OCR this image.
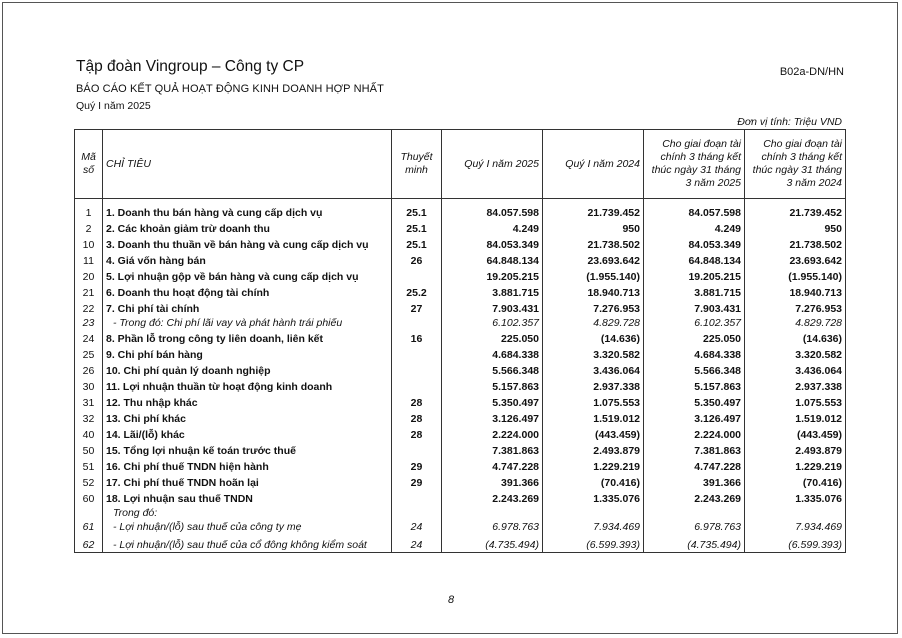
Tập đoàn Vingroup – Công ty CP	B02a-DN/HN
BÁO CÁO KẾT QUẢ HOẠT ĐỘNG KINH DOANH HỢP NHẤT
Quý I năm 2025
Đơn vị tính: Triệu VND
Mã số	CHỈ TIÊU	Thuyết minh	Quý I năm 2025	Quý I năm 2024	Cho giai đoạn tài chính 3 tháng kết thúc ngày 31 tháng 3 năm 2025	Cho giai đoạn tài chính 3 tháng kết thúc ngày 31 tháng 3 năm 2024
1	1. Doanh thu bán hàng và cung cấp dịch vụ	25.1	84.057.598	21.739.452	84.057.598	21.739.452
2	2. Các khoản giảm trừ doanh thu	25.1	4.249	950	4.249	950
10	3. Doanh thu thuần về bán hàng và cung cấp dịch vụ	25.1	84.053.349	21.738.502	84.053.349	21.738.502
11	4. Giá vốn hàng bán	26	64.848.134	23.693.642	64.848.134	23.693.642
20	5. Lợi nhuận gộp về bán hàng và cung cấp dịch vụ		19.205.215	(1.955.140)	19.205.215	(1.955.140)
21	6. Doanh thu hoạt động tài chính	25.2	3.881.715	18.940.713	3.881.715	18.940.713
22	7. Chi phí tài chính	27	7.903.431	7.276.953	7.903.431	7.276.953
23	- Trong đó: Chi phí lãi vay và phát hành trái phiếu		6.102.357	4.829.728	6.102.357	4.829.728
24	8. Phần lỗ trong công ty liên doanh, liên kết	16	225.050	(14.636)	225.050	(14.636)
25	9. Chi phí bán hàng		4.684.338	3.320.582	4.684.338	3.320.582
26	10. Chi phí quản lý doanh nghiệp		5.566.348	3.436.064	5.566.348	3.436.064
30	11. Lợi nhuận thuần từ hoạt động kinh doanh		5.157.863	2.937.338	5.157.863	2.937.338
31	12. Thu nhập khác	28	5.350.497	1.075.553	5.350.497	1.075.553
32	13. Chi phí khác	28	3.126.497	1.519.012	3.126.497	1.519.012
40	14. Lãi/(lỗ) khác	28	2.224.000	(443.459)	2.224.000	(443.459)
50	15. Tổng lợi nhuận kế toán trước thuế		7.381.863	2.493.879	7.381.863	2.493.879
51	16. Chi phí thuế TNDN hiện hành	29	4.747.228	1.229.219	4.747.228	1.229.219
52	17. Chi phí thuế TNDN hoãn lại	29	391.366	(70.416)	391.366	(70.416)
60	18. Lợi nhuận sau thuế TNDN		2.243.269	1.335.076	2.243.269	1.335.076
	Trong đó:					
61	- Lợi nhuận/(lỗ) sau thuế của công ty mẹ	24	6.978.763	7.934.469	6.978.763	7.934.469
62	- Lợi nhuận/(lỗ) sau thuế của cổ đông không kiểm soát	24	(4.735.494)	(6.599.393)	(4.735.494)	(6.599.393)
8
